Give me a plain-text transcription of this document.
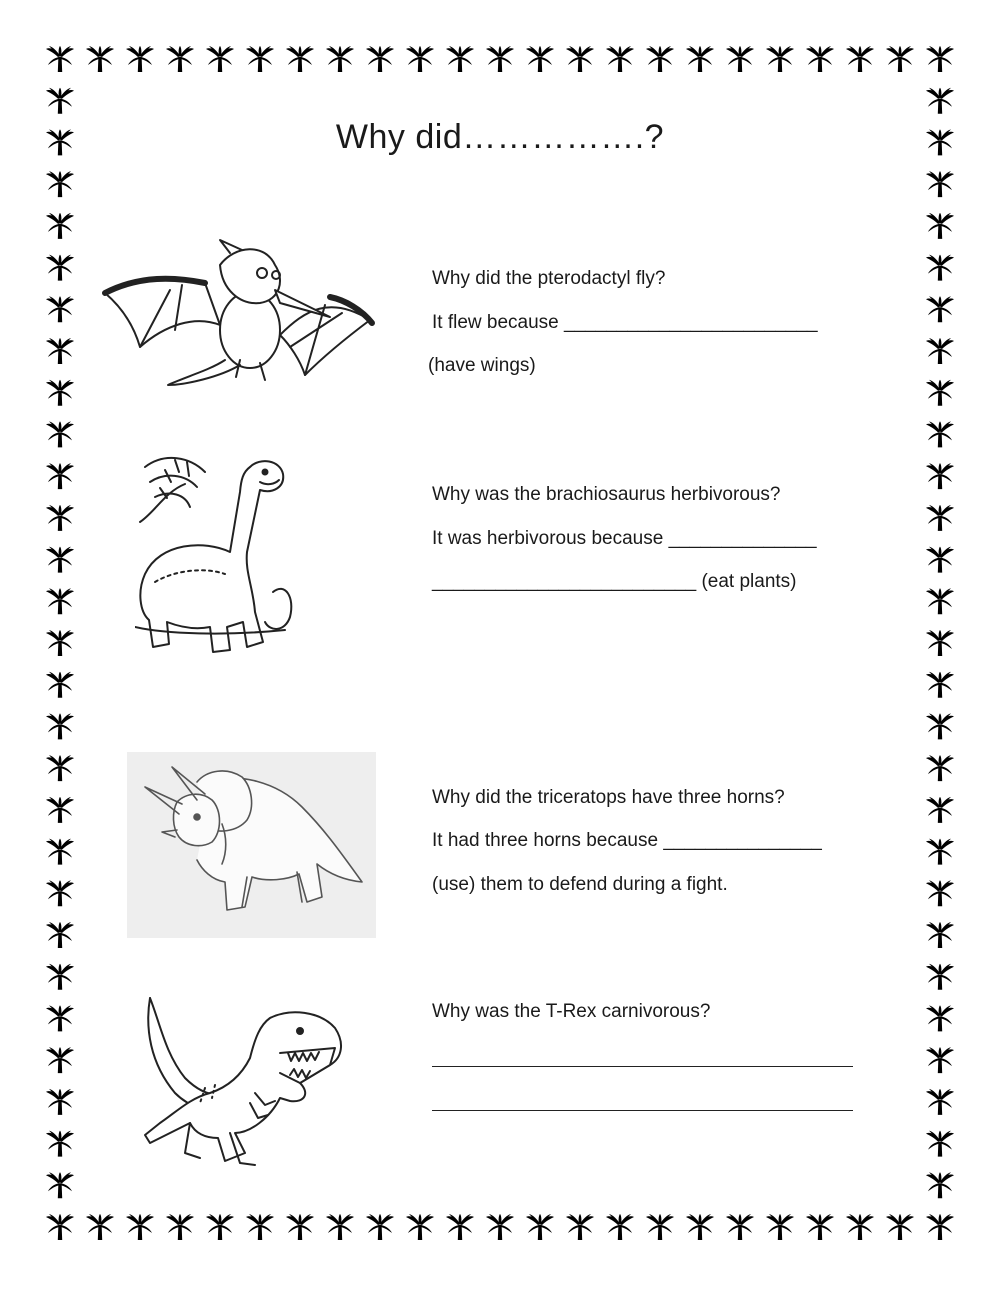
Why did…………….?
Why did the pterodactyl fly?
It flew because ________________________
(have wings)
Why was the brachiosaurus herbivorous?
It was herbivorous because ______________
_________________________ (eat plants)
Why did the triceratops have three horns?
It had three horns because _______________
(use) them to defend during a fight.
Why was the T-Rex carnivorous?
